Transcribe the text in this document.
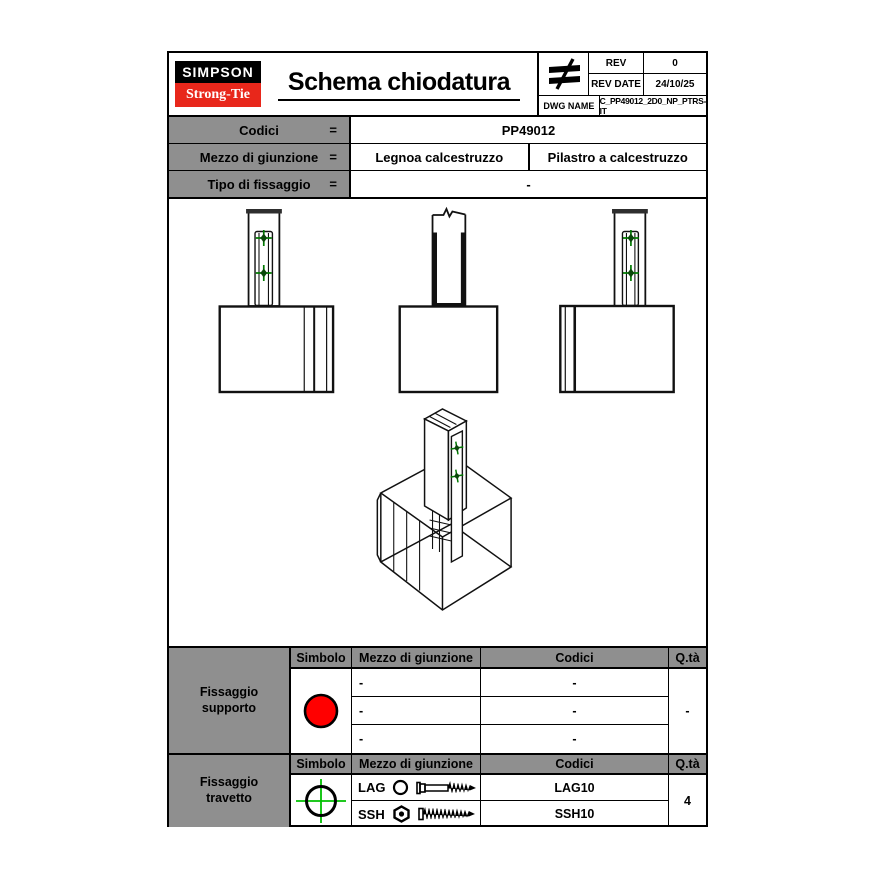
SIMPSON
Strong-Tie	Schema chiodatura
REV	0
REV DATE	24/10/25
DWG NAME C_PP49012_2D0_NP_PTRS-IT
Codici	=	PP49012
Mezzo di giunzione =	Legnoa calcestruzzo	Pilastro a calcestruzzo
Tipo di fissaggio =	-
Fissaggio supporto
Simbolo	Mezzo di giunzione	Codici	Q.tà
-	-
-	-
-	-
-
Fissaggio travetto
Simbolo	Mezzo di giunzione	Codici	Q.tà
LAG	LAG10
SSH	SSH10
4
